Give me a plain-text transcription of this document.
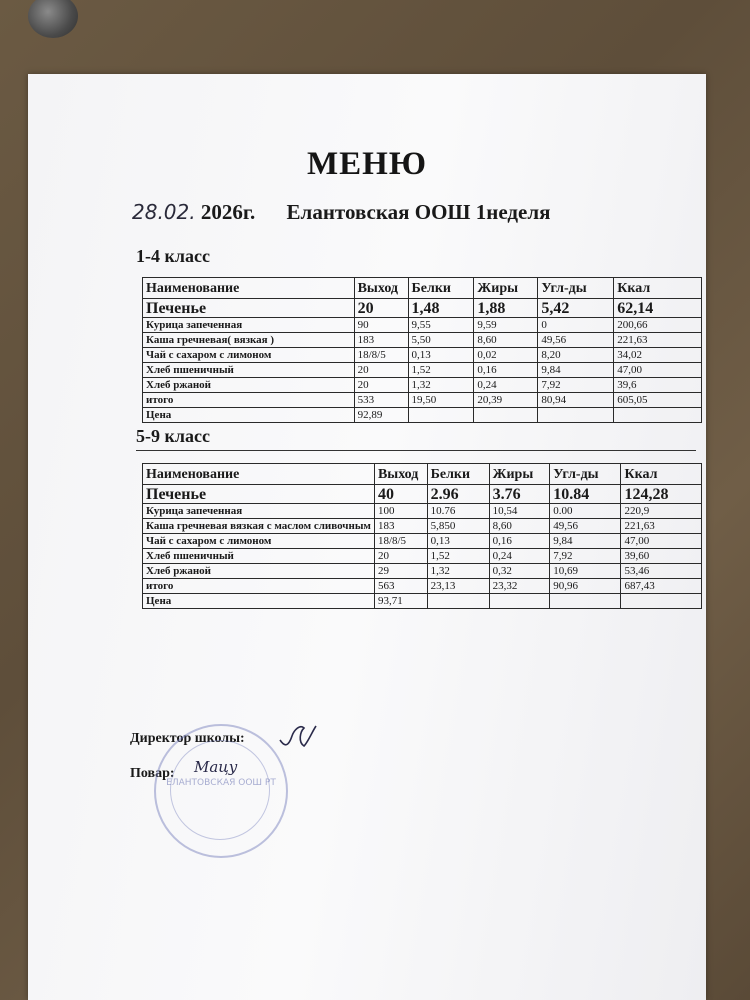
МЕНЮ
28.02. 2026г. Елантовская ООШ 1неделя
1-4 класс
Наименование	Выход	Белки	Жиры	Угл-ды	Ккал
Печенье	20	1,48	1,88	5,42	62,14
Курица запеченная	90	9,55	9,59	0	200,66
Каша гречневая( вязкая )	183	5,50	8,60	49,56	221,63
Чай с сахаром с лимоном	18/8/5	0,13	0,02	8,20	34,02
Хлеб пшеничный	20	1,52	0,16	9,84	47,00
Хлеб ржаной	20	1,32	0,24	7,92	39,6
итого	533	19,50	20,39	80,94	605,05
Цена	92,89				
5-9 класс
Наименование	Выход	Белки	Жиры	Угл-ды	Ккал
Печенье	40	2.96	3.76	10.84	124,28
Курица запеченная	100	10.76	10,54	0.00	220,9
Каша гречневая вязкая с маслом сливочным	183	5,850	8,60	49,56	221,63
Чай с сахаром с лимоном	18/8/5	0,13	0,16	9,84	47,00
Хлеб пшеничный	20	1,52	0,24	7,92	39,60
Хлеб ржаной	29	1,32	0,32	10,69	53,46
итого	563	23,13	23,32	90,96	687,43
Цена	93,71				
Директор школы:
Повар:
ЕЛАНТОВСКАЯ ООШ РТ
Мацу
